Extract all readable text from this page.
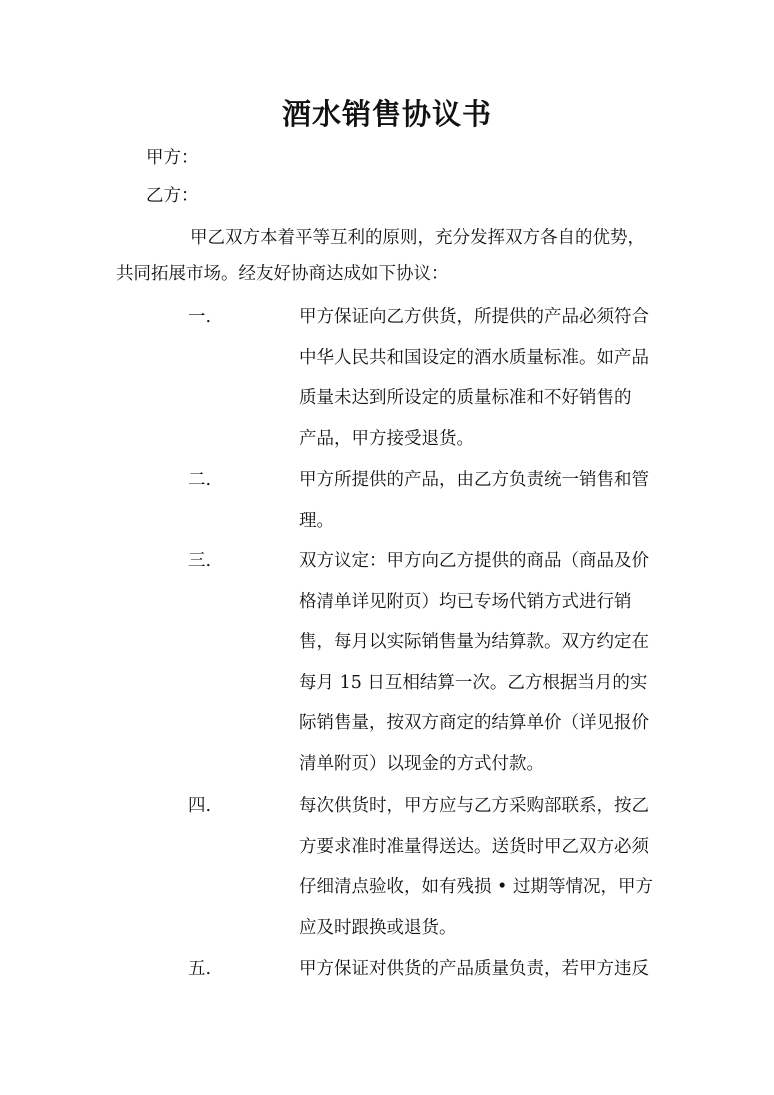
酒水销售协议书
甲方：
乙方：
甲乙双方本着平等互利的原则，充分发挥双方各自的优势，
共同拓展市场。经友好协商达成如下协议：
一.	甲方保证向乙方供货，所提供的产品必须符合
中华人民共和国设定的酒水质量标准。如产品
质量未达到所设定的质量标准和不好销售的
产品，甲方接受退货。
二.	甲方所提供的产品，由乙方负责统一销售和管
理。
三.	双方议定：甲方向乙方提供的商品（商品及价
格清单详见附页）均已专场代销方式进行销
售，每月以实际销售量为结算款。双方约定在
每月 15 日互相结算一次。乙方根据当月的实
际销售量，按双方商定的结算单价（详见报价
清单附页）以现金的方式付款。
四.	每次供货时，甲方应与乙方采购部联系，按乙
方要求准时准量得送达。送货时甲乙双方必须
仔细清点验收，如有残损 • 过期等情况，甲方
应及时跟换或退货。
五.	甲方保证对供货的产品质量负责，若甲方违反
